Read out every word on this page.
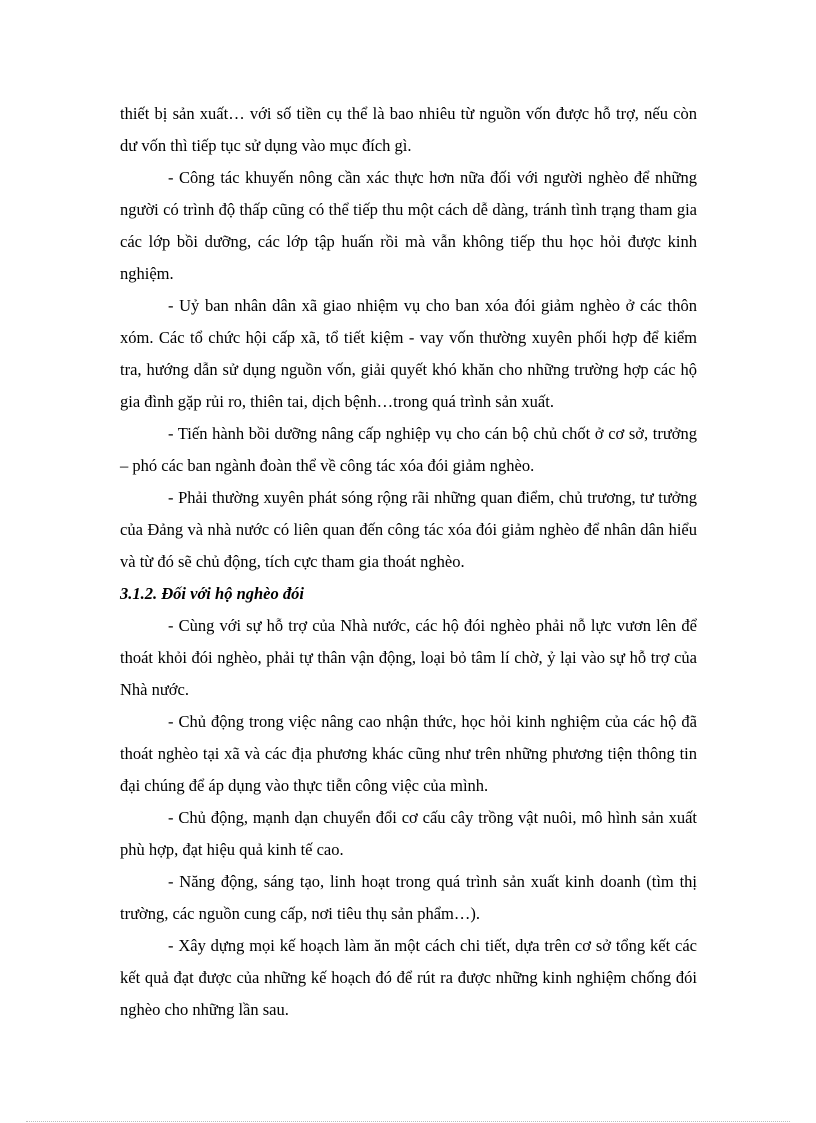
thiết bị sản xuất… với số tiền cụ thể là bao nhiêu từ nguồn vốn được hỗ trợ, nếu còn dư vốn thì tiếp tục sử dụng vào mục đích gì.

- Công tác khuyến nông cần xác thực hơn nữa đối với người nghèo để những người có trình độ thấp cũng có thể tiếp thu một cách dễ dàng, tránh tình trạng tham gia các lớp bồi dưỡng, các lớp tập huấn rồi mà vẫn không tiếp thu học hỏi được kinh nghiệm.

- Uỷ ban nhân dân xã giao nhiệm vụ cho ban xóa đói giảm nghèo ở các thôn xóm. Các tổ chức hội cấp xã, tổ tiết kiệm - vay vốn thường xuyên phối hợp để kiểm tra, hướng dẫn sử dụng nguồn vốn, giải quyết khó khăn cho những trường hợp các hộ gia đình gặp rủi ro, thiên tai, dịch bệnh…trong quá trình sản xuất.

- Tiến hành bồi dưỡng nâng cấp nghiệp vụ cho cán bộ chủ chốt ở cơ sở, trưởng – phó các ban ngành đoàn thể về công tác xóa đói giảm nghèo.

- Phải thường xuyên phát sóng rộng rãi những quan điểm, chủ trương, tư tưởng của Đảng và nhà nước có liên quan đến công tác xóa đói giảm nghèo để nhân dân hiểu và từ đó sẽ chủ động, tích cực tham gia thoát nghèo.

3.1.2. Đối với hộ nghèo đói

- Cùng với sự hỗ trợ của Nhà nước, các hộ đói nghèo phải nỗ lực vươn lên để thoát khỏi đói nghèo, phải tự thân vận động, loại bỏ tâm lí chờ, ỷ lại vào sự hỗ trợ của Nhà nước.

- Chủ động trong việc nâng cao nhận thức, học hỏi kinh nghiệm của các hộ đã thoát nghèo tại xã và các địa phương khác cũng như trên những phương tiện thông tin đại chúng để áp dụng vào thực tiễn công việc của mình.

- Chủ động, mạnh dạn chuyển đổi cơ cấu cây trồng vật nuôi, mô hình sản xuất phù hợp, đạt hiệu quả kinh tế cao.

- Năng động, sáng tạo, linh hoạt trong quá trình sản xuất kinh doanh (tìm thị trường, các nguồn cung cấp, nơi tiêu thụ sản phẩm…).

- Xây dựng mọi kế hoạch làm ăn một cách chi tiết, dựa trên cơ sở tổng kết các kết quả đạt được của những kế hoạch đó để rút ra được những kinh nghiệm chống đói nghèo cho những lần sau.
